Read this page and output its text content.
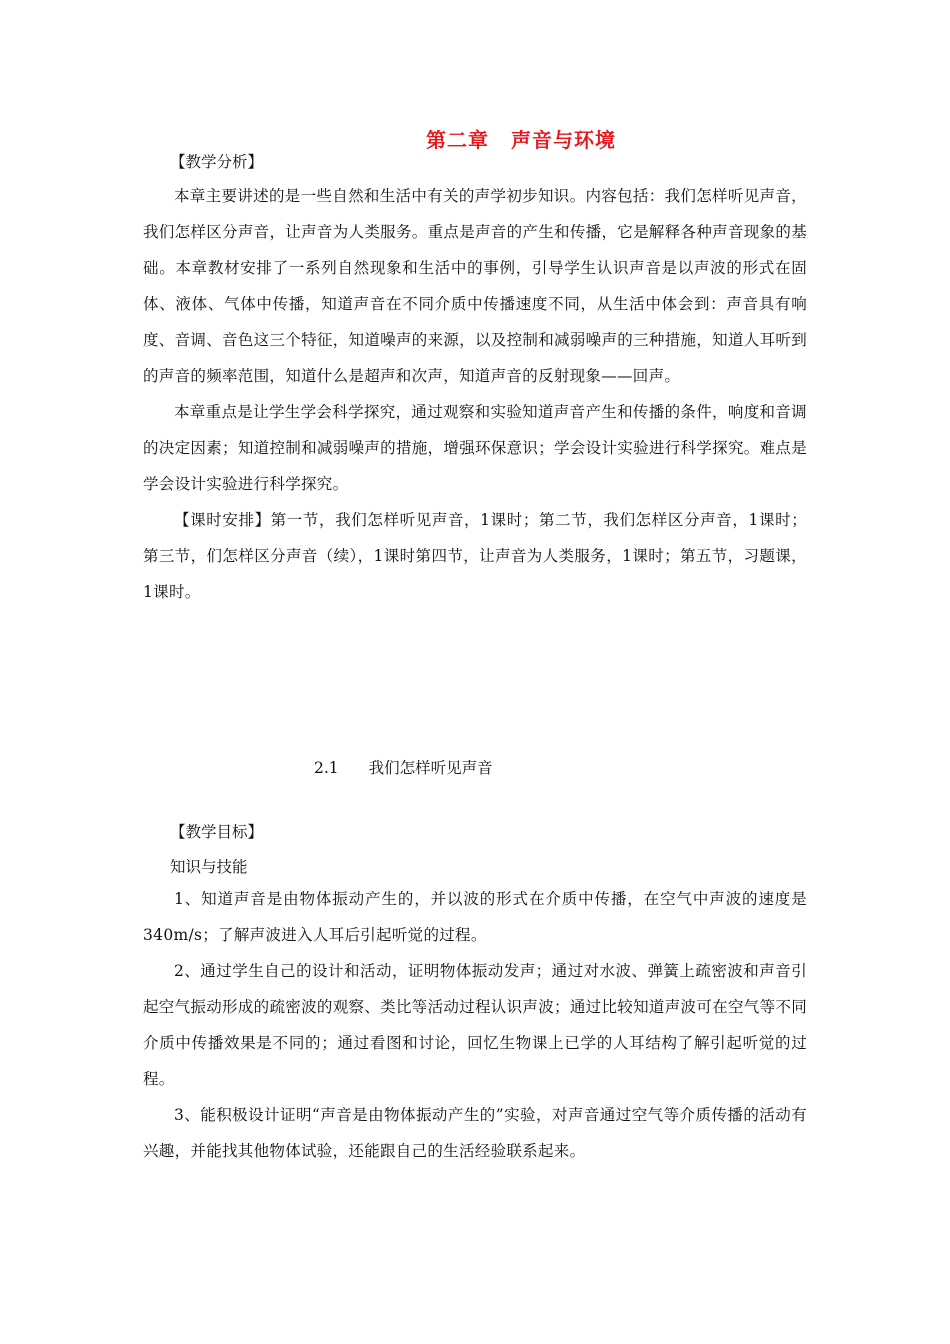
第二章 声音与环境
【教学分析】

本章主要讲述的是一些自然和生活中有关的声学初步知识。内容包括：我们怎样听见声音，我们怎样区分声音，让声音为人类服务。重点是声音的产生和传播，它是解释各种声音现象的基础。本章教材安排了一系列自然现象和生活中的事例，引导学生认识声音是以声波的形式在固体、液体、气体中传播，知道声音在不同介质中传播速度不同，从生活中体会到：声音具有响度、音调、音色这三个特征，知道噪声的来源，以及控制和减弱噪声的三种措施，知道人耳听到的声音的频率范围，知道什么是超声和次声，知道声音的反射现象——回声。

本章重点是让学生学会科学探究，通过观察和实验知道声音产生和传播的条件，响度和音调的决定因素；知道控制和减弱噪声的措施，增强环保意识；学会设计实验进行科学探究。难点是学会设计实验进行科学探究。

【课时安排】第一节，我们怎样听见声音，1课时；第二节，我们怎样区分声音，1课时；第三节，们怎样区分声音（续），1课时第四节，让声音为人类服务，1课时；第五节，习题课，1课时。

2.1 我们怎样听见声音
【教学目标】
知识与技能

1、知道声音是由物体振动产生的，并以波的形式在介质中传播，在空气中声波的速度是340m/s；了解声波进入人耳后引起听觉的过程。

2、通过学生自己的设计和活动，证明物体振动发声；通过对水波、弹簧上疏密波和声音引起空气振动形成的疏密波的观察、类比等活动过程认识声波；通过比较知道声波可在空气等不同介质中传播效果是不同的；通过看图和讨论，回忆生物课上已学的人耳结构了解引起听觉的过程。

3、能积极设计证明“声音是由物体振动产生的”实验，对声音通过空气等介质传播的活动有兴趣，并能找其他物体试验，还能跟自己的生活经验联系起来。
